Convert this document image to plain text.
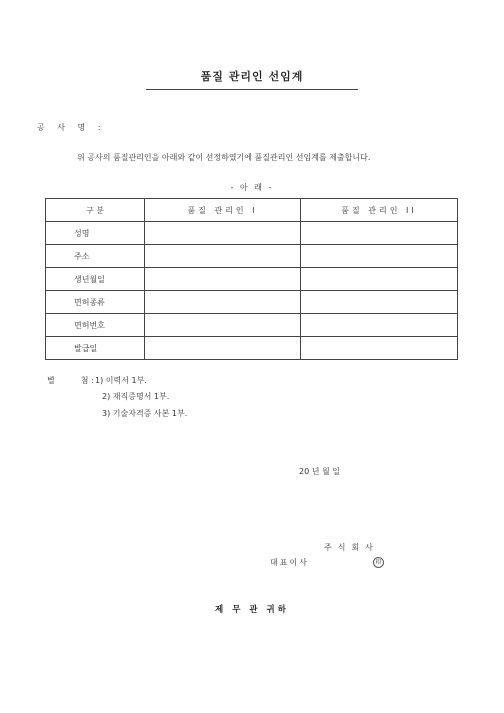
품질 관리인 선임계
공 사 명 :
위 공사의 품질관리인을 아래와 같이 선정하였기에 품질관리인 선임계를 제출합니다.
- 아 래 -
구 분	품질 관리인 I	품질 관리인 II
성명		
주소		
생년월일		
면허종류		
면허번호		
발급일		
별	첨 : 1) 이력서 1부.
2) 재직증명서 1부.
3) 기술자격증 사본 1부.
20 년 월 일
주식회사
대표이사	印
제 무 관 귀하
